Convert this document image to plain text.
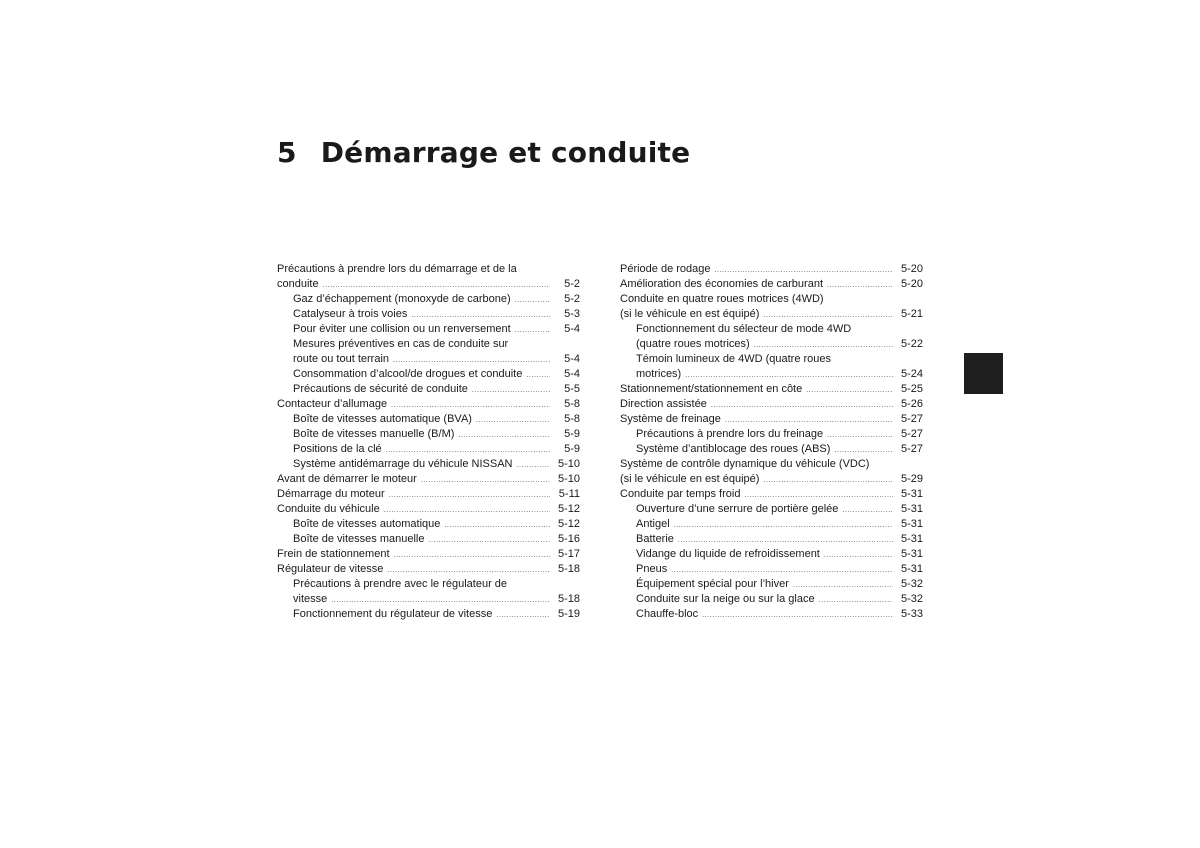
5 Démarrage et conduite
Précautions à prendre lors du démarrage et de la
conduite .....	5-2
Gaz d’échappement (monoxyde de carbone) .....	5-2
Catalyseur à trois voies .....	5-3
Pour éviter une collision ou un renversement .....	5-4
Mesures préventives en cas de conduite sur
route ou tout terrain .....	5-4
Consommation d’alcool/de drogues et conduite .....	5-4
Précautions de sécurité de conduite .....	5-5
Contacteur d’allumage .....	5-8
Boîte de vitesses automatique (BVA) .....	5-8
Boîte de vitesses manuelle (B/M) .....	5-9
Positions de la clé .....	5-9
Système antidémarrage du véhicule NISSAN .....	5-10
Avant de démarrer le moteur .....	5-10
Démarrage du moteur .....	5-11
Conduite du véhicule .....	5-12
Boîte de vitesses automatique .....	5-12
Boîte de vitesses manuelle .....	5-16
Frein de stationnement .....	5-17
Régulateur de vitesse .....	5-18
Précautions à prendre avec le régulateur de
vitesse .....	5-18
Fonctionnement du régulateur de vitesse .....	5-19
Période de rodage .....	5-20
Amélioration des économies de carburant .....	5-20
Conduite en quatre roues motrices (4WD)
(si le véhicule en est équipé) .....	5-21
Fonctionnement du sélecteur de mode 4WD
(quatre roues motrices) .....	5-22
Témoin lumineux de 4WD (quatre roues
motrices) .....	5-24
Stationnement/stationnement en côte .....	5-25
Direction assistée .....	5-26
Système de freinage .....	5-27
Précautions à prendre lors du freinage .....	5-27
Système d’antiblocage des roues (ABS) .....	5-27
Système de contrôle dynamique du véhicule (VDC)
(si le véhicule en est équipé) .....	5-29
Conduite par temps froid .....	5-31
Ouverture d’une serrure de portière gelée .....	5-31
Antigel .....	5-31
Batterie .....	5-31
Vidange du liquide de refroidissement .....	5-31
Pneus .....	5-31
Équipement spécial pour l’hiver .....	5-32
Conduite sur la neige ou sur la glace .....	5-32
Chauffe-bloc .....	5-33
